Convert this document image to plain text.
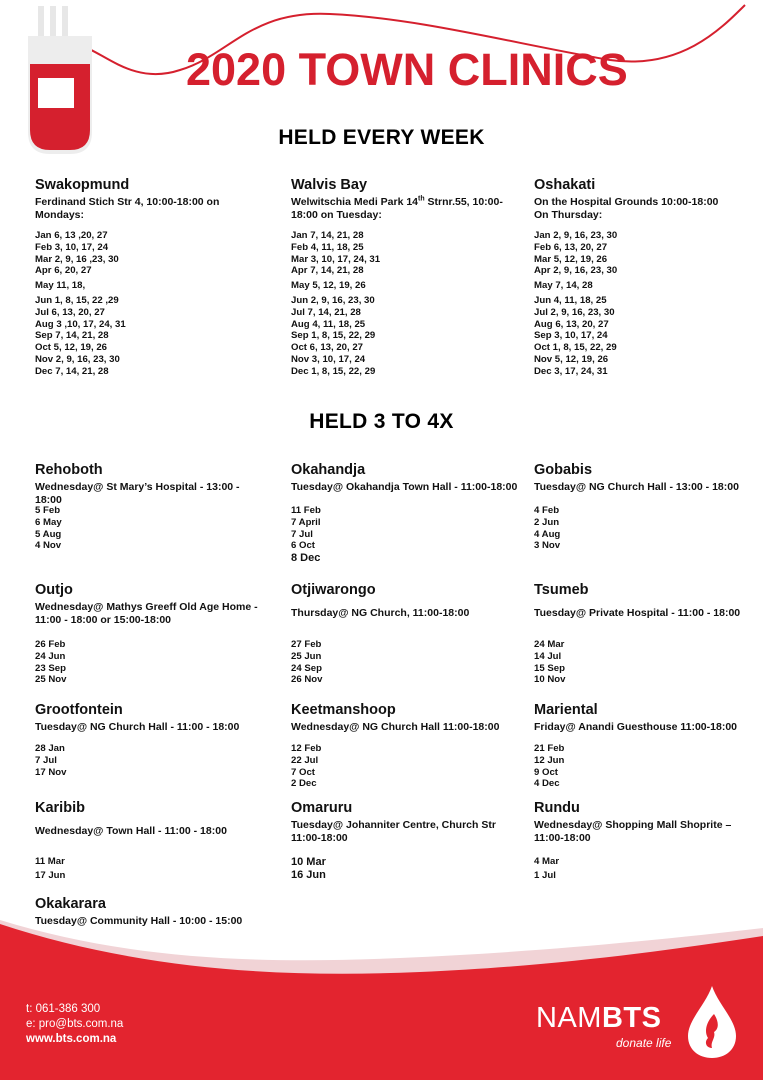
2020 TOWN CLINICS
HELD EVERY WEEK
Swakopmund
Ferdinand Stich Str 4, 10:00-18:00 on Mondays:
Jan 6, 13 ,20, 27
Feb 3, 10, 17, 24
Mar 2, 9, 16 ,23, 30
Apr 6, 20, 27
May 11, 18,
Jun 1, 8, 15, 22 ,29
Jul 6, 13, 20, 27
Aug 3 ,10, 17, 24, 31
Sep 7, 14, 21, 28
Oct 5, 12, 19, 26
Nov 2, 9, 16, 23, 30
Dec 7, 14, 21, 28
Walvis Bay
Welwitschia Medi Park 14th Strnr.55, 10:00-18:00 on Tuesday:
Jan 7, 14, 21, 28
Feb 4, 11, 18, 25
Mar 3, 10, 17, 24, 31
Apr 7, 14, 21, 28
May 5, 12, 19, 26
Jun 2, 9, 16, 23, 30
Jul 7, 14, 21, 28
Aug 4, 11, 18, 25
Sep 1, 8, 15, 22, 29
Oct 6, 13, 20, 27
Nov 3, 10, 17, 24
Dec 1, 8, 15, 22, 29
Oshakati
On the Hospital Grounds 10:00-18:00 On Thursday:
Jan 2, 9, 16, 23, 30
Feb 6, 13, 20, 27
Mar 5, 12, 19, 26
Apr 2, 9, 16, 23, 30
May 7, 14, 28
Jun 4, 11, 18, 25
Jul 2, 9, 16, 23, 30
Aug 6, 13, 20, 27
Sep 3, 10, 17, 24
Oct 1, 8, 15, 22, 29
Nov 5, 12, 19, 26
Dec 3, 17, 24, 31
HELD 3 TO 4X
Rehoboth
Wednesday@ St Mary’s Hospital - 13:00 - 18:00
5 Feb
6 May
5 Aug
4 Nov
Okahandja
Tuesday@ Okahandja Town Hall - 11:00-18:00
11 Feb
7 April
7 Jul
6 Oct
8 Dec
Gobabis
Tuesday@ NG Church Hall - 13:00 - 18:00
4 Feb
2 Jun
4 Aug
3 Nov
Outjo
Wednesday@ Mathys Greeff Old Age Home - 11:00 - 18:00 or 15:00-18:00
26 Feb
24 Jun
23 Sep
25 Nov
Otjiwarongo
Thursday@ NG Church, 11:00-18:00
27 Feb
25 Jun
24 Sep
26 Nov
Tsumeb
Tuesday@ Private Hospital - 11:00 - 18:00
24 Mar
14 Jul
15 Sep
10 Nov
Grootfontein
Tuesday@ NG Church Hall - 11:00 - 18:00
28 Jan
7 Jul
17 Nov
Keetmanshoop
Wednesday@ NG Church Hall 11:00-18:00
12 Feb
22 Jul
7 Oct
2 Dec
Mariental
Friday@ Anandi Guesthouse 11:00-18:00
21 Feb
12 Jun
9 Oct
4 Dec
Karibib
Wednesday@ Town Hall - 11:00 - 18:00
11 Mar
17 Jun
Omaruru
Tuesday@ Johanniter Centre, Church Str 11:00-18:00
10 Mar
16 Jun
Rundu
Wednesday@ Shopping Mall Shoprite – 11:00-18:00
4 Mar
1 Jul
Okakarara
Tuesday@ Community Hall - 10:00 - 15:00
t: 061-386 300
e: pro@bts.com.na
www.bts.com.na
NAMBTS
donate life
